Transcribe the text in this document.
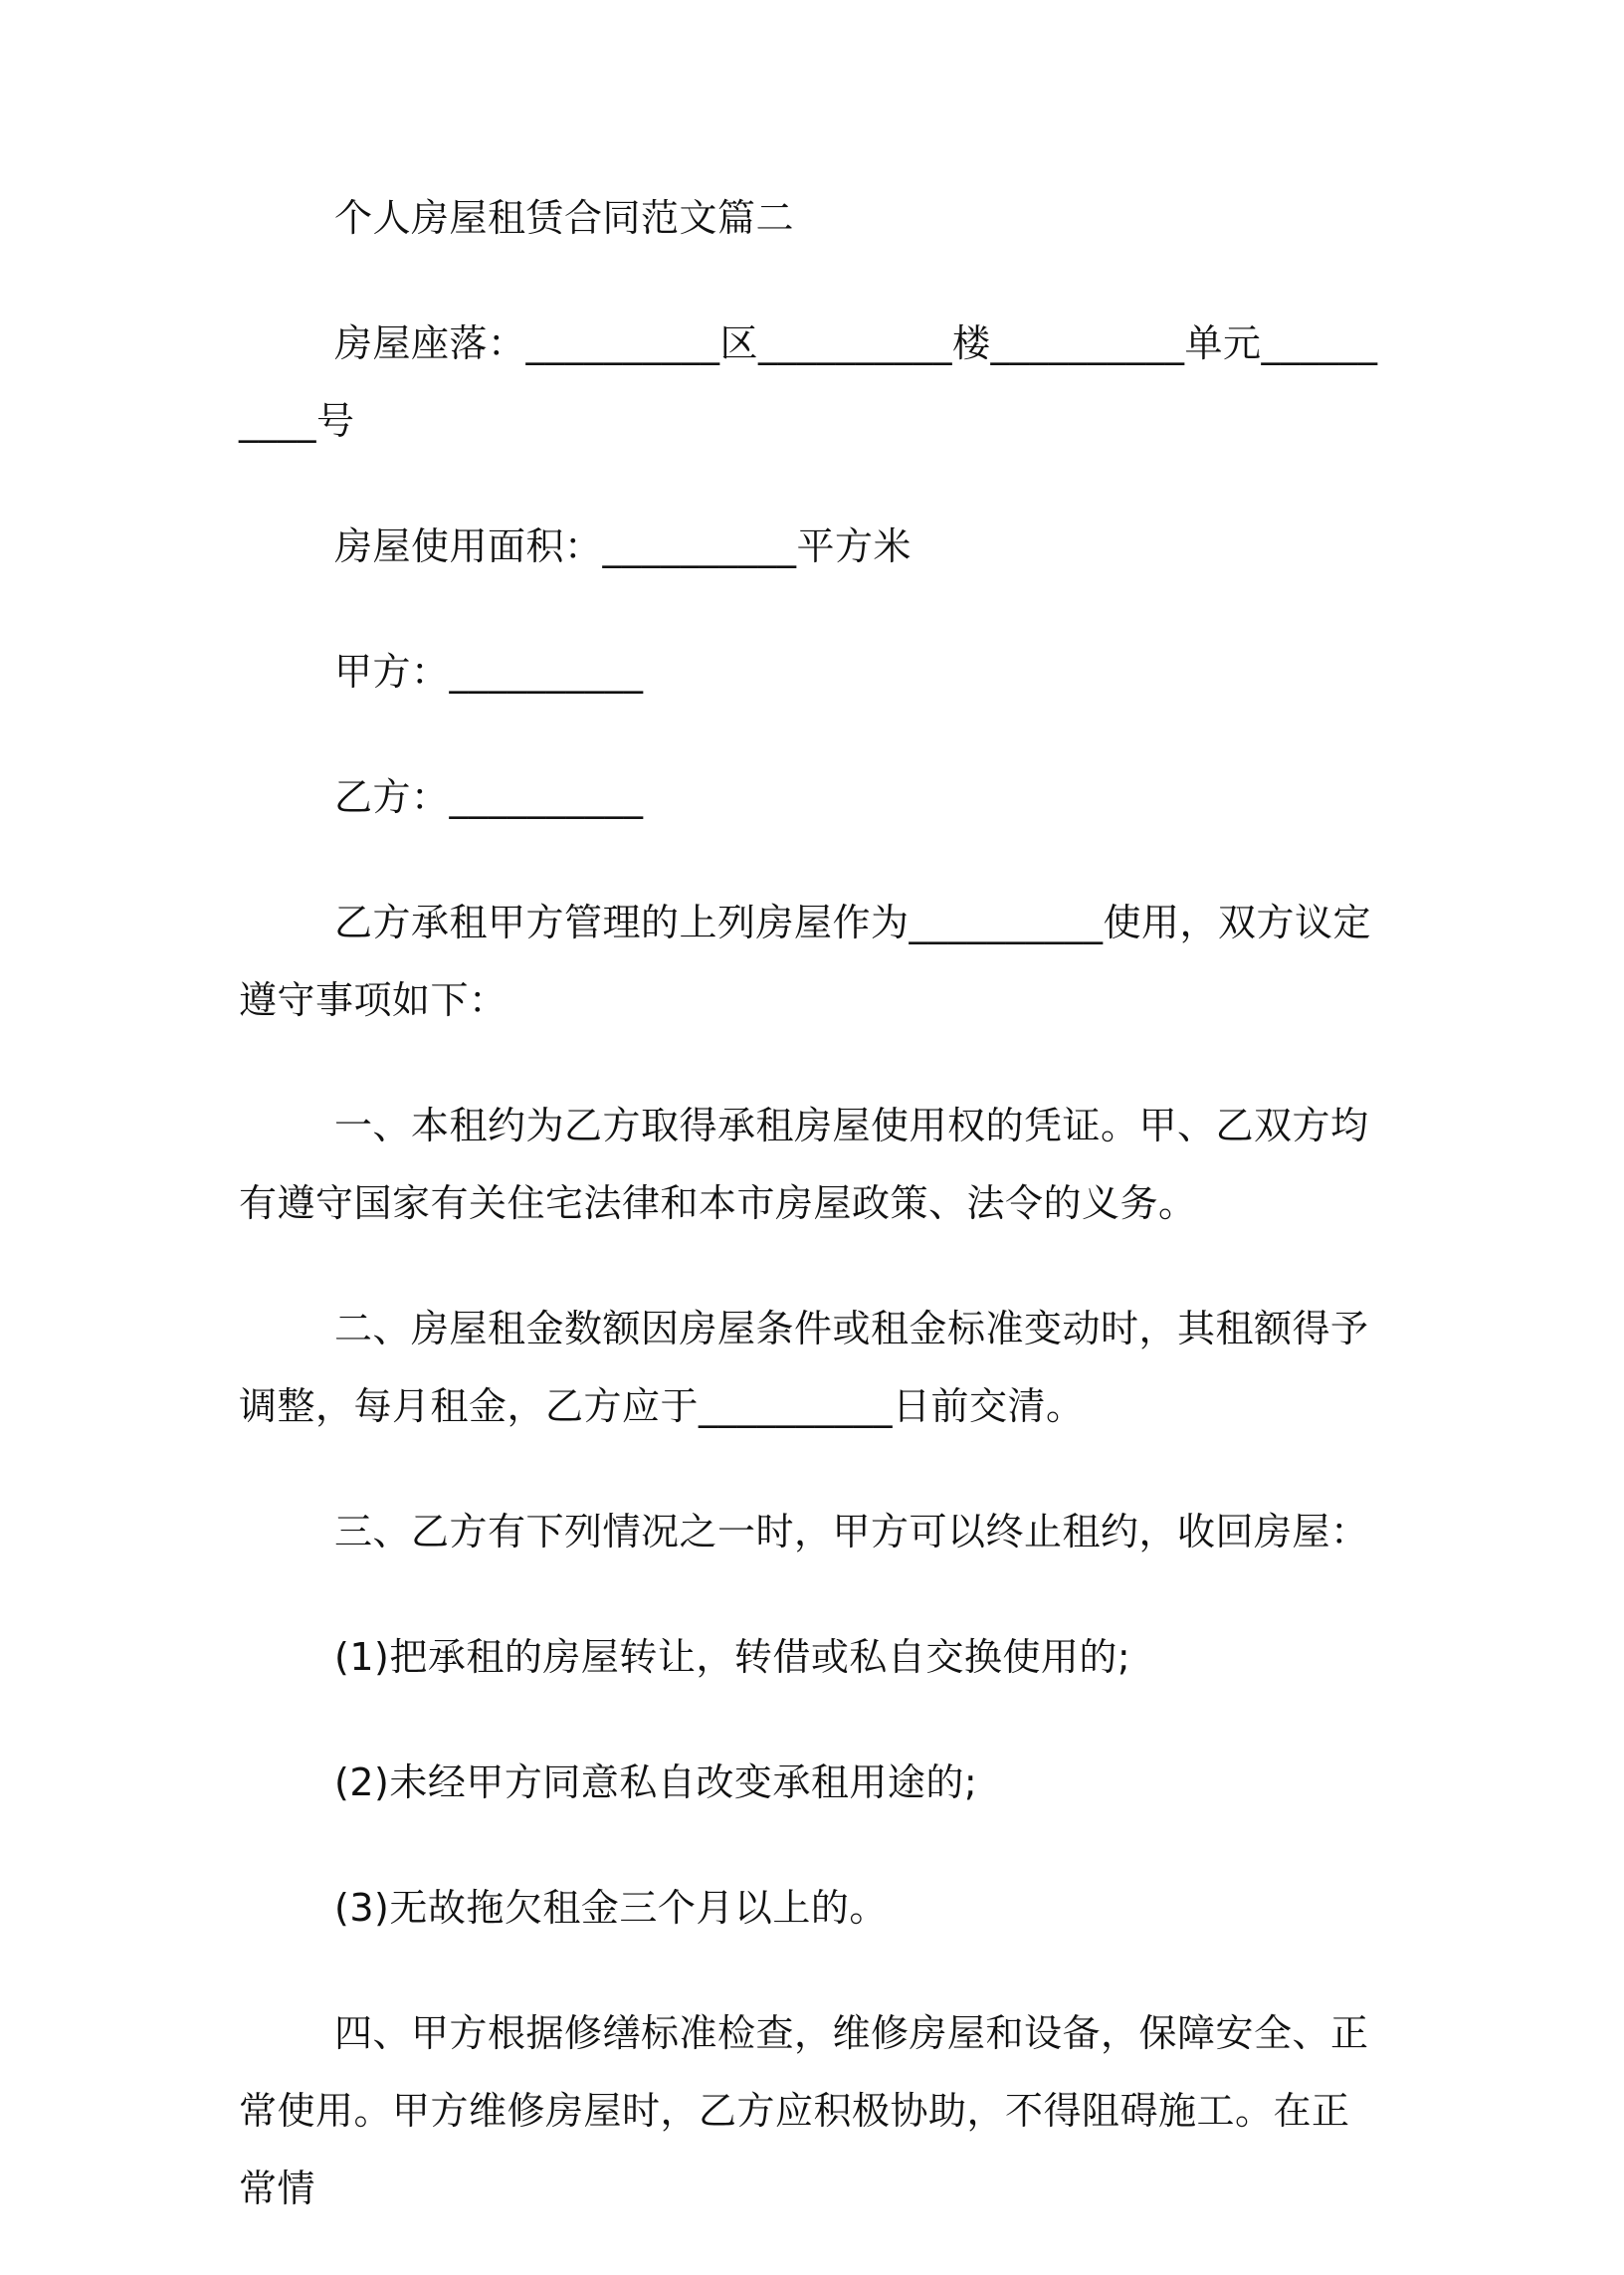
个人房屋租赁合同范文篇二

房屋座落：__________区__________楼__________单元__________号

房屋使用面积：__________平方米

甲方：__________

乙方：__________

乙方承租甲方管理的上列房屋作为__________使用，双方议定遵守事项如下：

一、本租约为乙方取得承租房屋使用权的凭证。甲、乙双方均有遵守国家有关住宅法律和本市房屋政策、法令的义务。

二、房屋租金数额因房屋条件或租金标准变动时，其租额得予调整，每月租金，乙方应于__________日前交清。

三、乙方有下列情况之一时，甲方可以终止租约，收回房屋：

(1)把承租的房屋转让，转借或私自交换使用的;

(2)未经甲方同意私自改变承租用途的;

(3)无故拖欠租金三个月以上的。

四、甲方根据修缮标准检查，维修房屋和设备，保障安全、正常使用。甲方维修房屋时，乙方应积极协助，不得阻碍施工。在正常情
